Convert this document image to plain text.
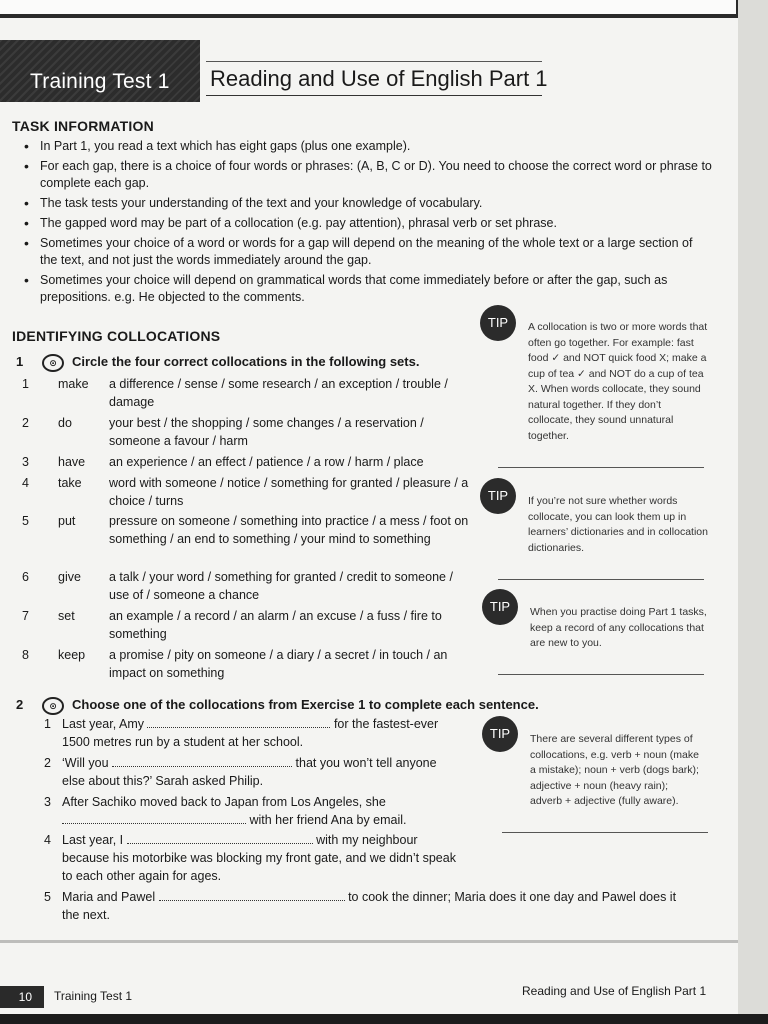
Training Test 1 Reading and Use of English Part 1
TASK INFORMATION
• In Part 1, you read a text which has eight gaps (plus one example).
• For each gap, there is a choice of four words or phrases: (A, B, C or D). You need to choose the correct word or phrase to complete each gap.
• The task tests your understanding of the text and your knowledge of vocabulary.
• The gapped word may be part of a collocation (e.g. pay attention), phrasal verb or set phrase.
• Sometimes your choice of a word or words for a gap will depend on the meaning of the whole text or a large section of the text, and not just the words immediately around the gap.
• Sometimes your choice will depend on grammatical words that come immediately before or after the gap, such as prepositions. e.g. He objected to the comments.
IDENTIFYING COLLOCATIONS
1	⊙	Circle the four correct collocations in the following sets.
1	make	a difference / sense / some research / an exception / trouble / damage
2	do	your best / the shopping / some changes / a reservation / someone a favour / harm
3	have	an experience / an effect / patience / a row / harm / place
4	take	word with someone / notice / something for granted / pleasure / a choice / turns
5	put	pressure on someone / something into practice / a mess / foot on something / an end to something / your mind to something
6	give	a talk / your word / something for granted / credit to someone / use of / someone a chance
7	set	an example / a record / an alarm / an excuse / a fuss / fire to something
8	keep	a promise / pity on someone / a diary / a secret / in touch / an impact on something
2	⊙	Choose one of the collocations from Exercise 1 to complete each sentence.
1 Last year, Amy	for the fastest-ever
1500 metres run by a student at her school.
2 ‘Will you	that you won’t tell anyone
else about this?’ Sarah asked Philip.
3 After Sachiko moved back to Japan from Los Angeles, she
with her friend Ana by email.
4 Last year, I	with my neighbour because his motorbike was blocking my front gate, and we didn’t speak to each other again for ages.
5 Maria and Pawel	to cook the dinner; Maria does it one day and Pawel does it
the next.
TIP	A collocation is two or more words that often go together. For example: fast food ✓ and NOT quick food X; make a cup of tea ✓ and NOT do a cup of tea X. When words collocate, they sound natural together. If they don’t collocate, they sound unnatural together.
TIP	If you’re not sure whether words collocate, you can look them up in learners’ dictionaries and in collocation dictionaries.
TIP	When you practise doing Part 1 tasks, keep a record of any collocations that are new to you.
TIP	There are several different types of collocations, e.g. verb + noun (make a mistake); noun + verb (dogs bark); adjective + noun (heavy rain); adverb + adjective (fully aware).
10 Training Test 1	Reading and Use of English Part 1
